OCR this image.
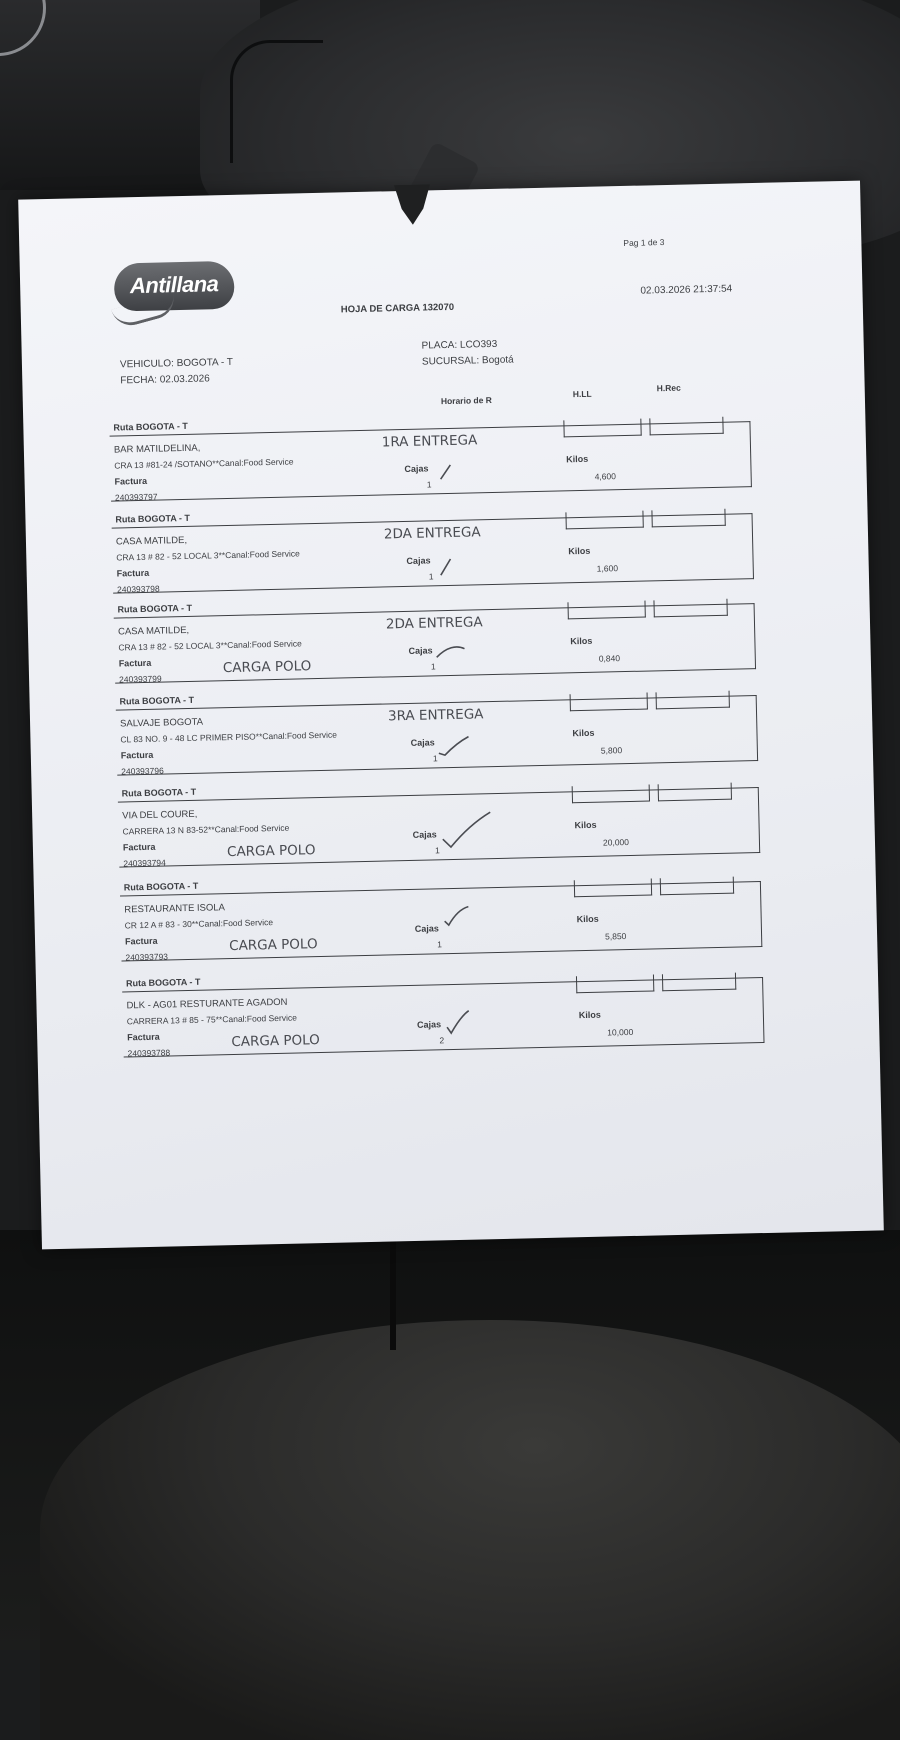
Antillana
Pag 1 de 3
HOJA DE CARGA 132070
02.03.2026 21:37:54
VEHICULO: BOGOTA - T
FECHA: 02.03.2026
PLACA: LCO393
SUCURSAL: Bogotá
Horario de R
H.LL
H.Rec
Ruta BOGOTA - T
BAR MATILDELINA,
CRA 13 #81-24 /SOTANO**Canal:Food Service
Factura
240393797
1RA ENTREGA
Cajas
1
Kilos
4,600
Ruta BOGOTA - T
CASA MATILDE,
CRA 13 # 82 - 52 LOCAL 3**Canal:Food Service
Factura
240393798
2DA ENTREGA
Cajas
1
Kilos
1,600
Ruta BOGOTA - T
CASA MATILDE,
CRA 13 # 82 - 52 LOCAL 3**Canal:Food Service
Factura
240393799
2DA ENTREGA
CARGA POLO
Cajas
1
Kilos
0,840
Ruta BOGOTA - T
SALVAJE BOGOTA
CL 83 NO. 9 - 48 LC PRIMER PISO**Canal:Food Service
Factura
240393796
3RA ENTREGA
Cajas
1
Kilos
5,800
Ruta BOGOTA - T
VIA DEL COURE,
CARRERA 13 N 83-52**Canal:Food Service
Factura
240393794
CARGA POLO
Cajas
1
Kilos
20,000
Ruta BOGOTA - T
RESTAURANTE ISOLA
CR 12 A # 83 - 30**Canal:Food Service
Factura
240393793
CARGA POLO
Cajas
1
Kilos
5,850
Ruta BOGOTA - T
DLK - AG01 RESTURANTE AGADON
CARRERA 13 # 85 - 75**Canal:Food Service
Factura
240393788
CARGA POLO
Cajas
2
Kilos
10,000
